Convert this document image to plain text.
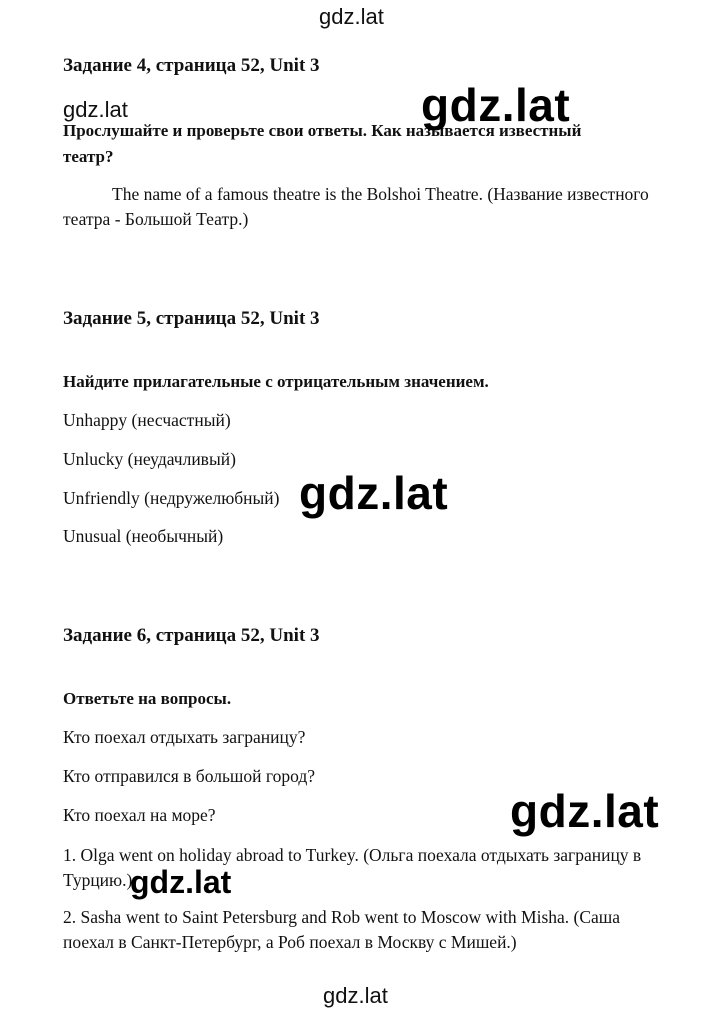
gdz.lat
Задание 4, страница 52, Unit 3
gdz.lat
Прослушайте и проверьте свои ответы. Как называется известный
театр?
gdz.lat
The name of a famous theatre is the Bolshoi Theatre. (Название известного
театра - Большой Театр.)
Задание 5, страница 52, Unit 3
Найдите прилагательные с отрицательным значением.
Unhappy (несчастный)
Unlucky (неудачливый)
Unfriendly (недружелюбный)
Unusual (необычный)
gdz.lat
Задание 6, страница 52, Unit 3
Ответьте на вопросы.
Кто поехал отдыхать заграницу?
Кто отправился в большой город?
Кто поехал на море?	gdz.lat
1. Olga went on holiday abroad to Turkey. (Ольга поехала отдыхать заграницу в
Турцию.)
gdz.lat
2. Sasha went to Saint Petersburg and Rob went to Moscow with Misha. (Саша
поехал в Санкт-Петербург, а Роб поехал в Москву с Мишей.)
gdz.lat
